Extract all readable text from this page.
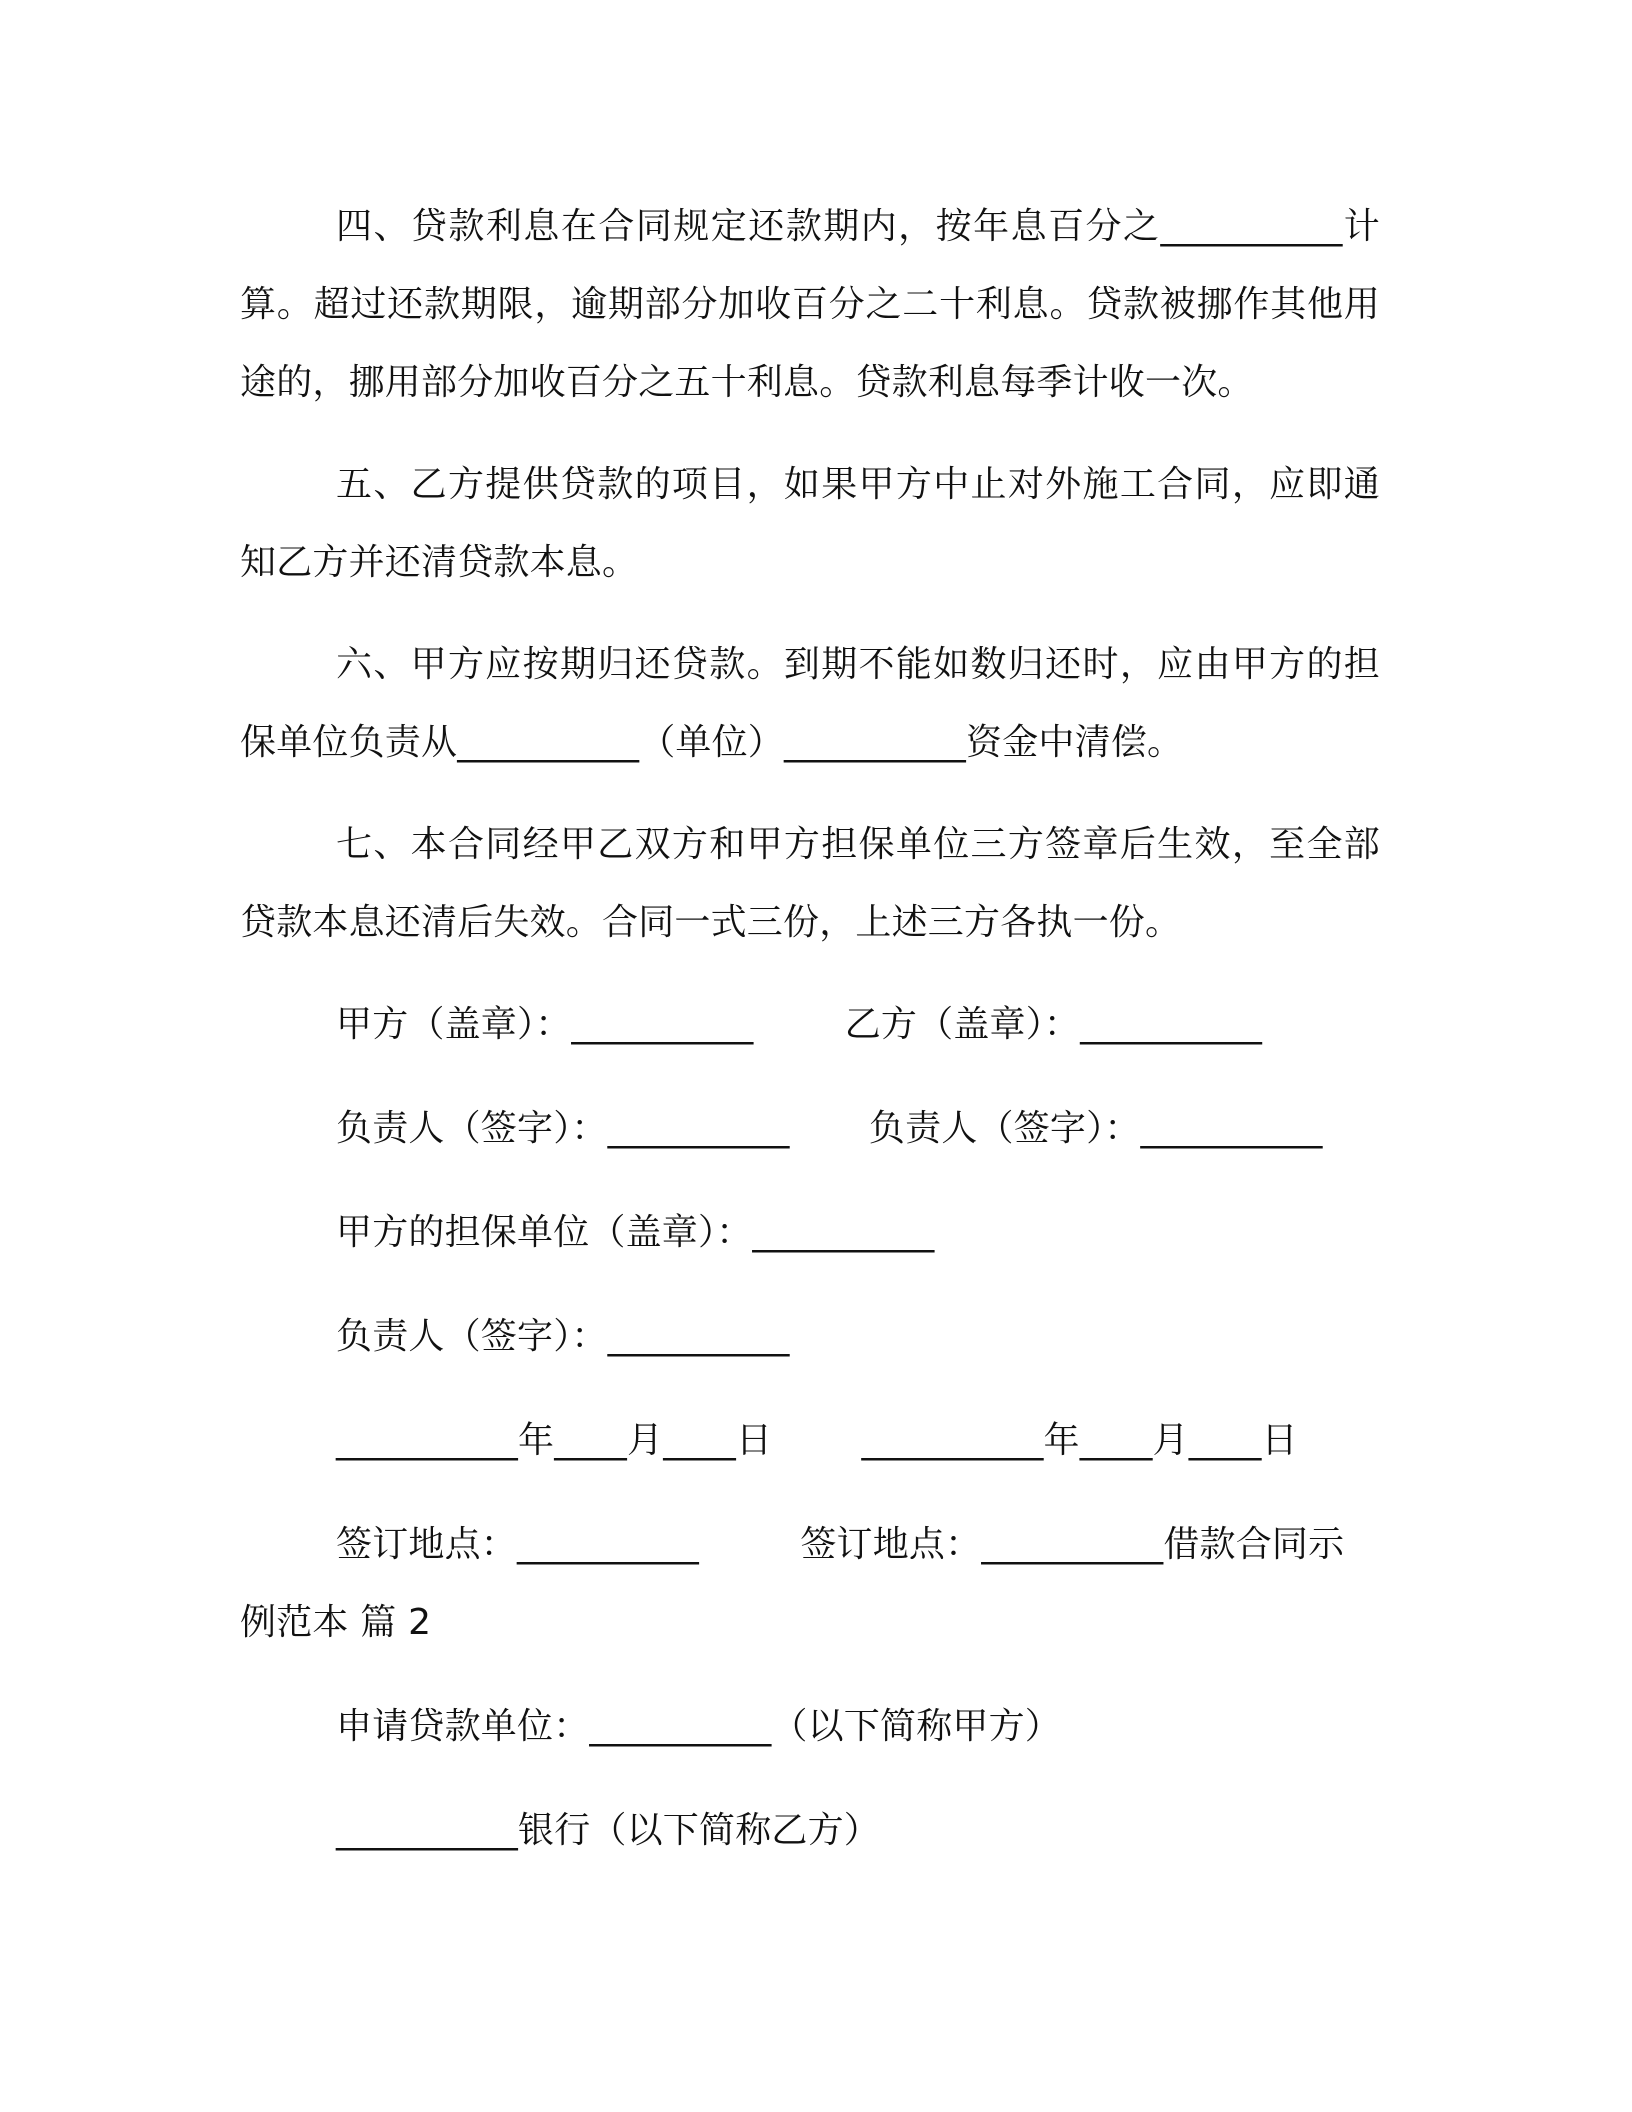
四、贷款利息在合同规定还款期内，按年息百分之__________计算。超过还款期限，逾期部分加收百分之二十利息。贷款被挪作其他用途的，挪用部分加收百分之五十利息。贷款利息每季计收一次。

五、乙方提供贷款的项目，如果甲方中止对外施工合同，应即通知乙方并还清贷款本息。

六、甲方应按期归还贷款。到期不能如数归还时，应由甲方的担保单位负责从__________（单位）__________资金中清偿。

七、本合同经甲乙双方和甲方担保单位三方签章后生效，至全部贷款本息还清后失效。合同一式三份，上述三方各执一份。

甲方（盖章）：__________	乙方（盖章）：__________
负责人（签字）：__________ 负责人（签字）：__________
甲方的担保单位（盖章）：__________
负责人（签字）：__________
__________年____月____日 __________年____月____日
签订地点：__________	签订地点：__________借款合同示
例范本 篇 2
申请贷款单位：__________（以下简称甲方）
__________银行（以下简称乙方）
